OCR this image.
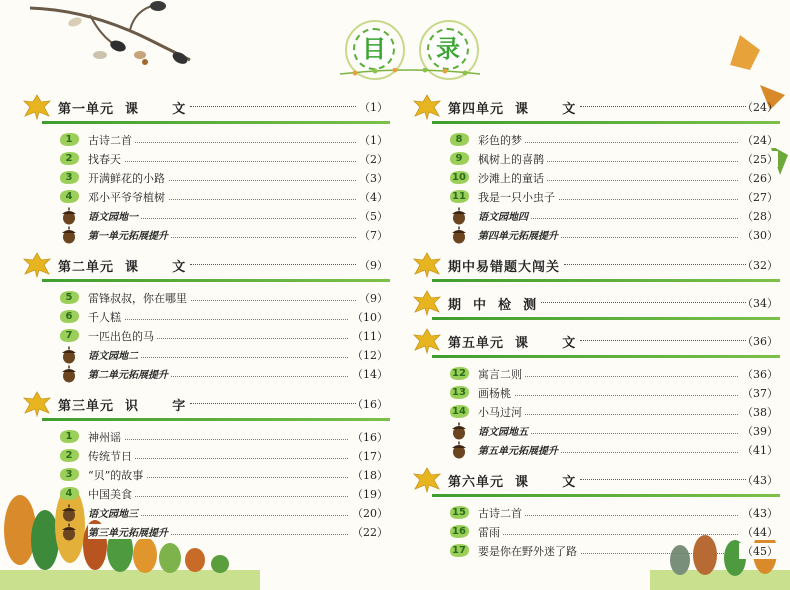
目	录
第一单元  课      文	（1）
1	古诗二首	（1）
2	找春天	（2）
3	开满鲜花的小路	（3）
4	邓小平爷爷植树	（4）
语文园地一	（5）
第一单元拓展提升	（7）
第二单元  课      文	（9）
5	雷锋叔叔，你在哪里	（9）
6	千人糕	（10）
7	一匹出色的马	（11）
语文园地二	（12）
第二单元拓展提升	（14）
第三单元  识      字	（16）
1	神州谣	（16）
2	传统节日	（17）
3	“贝”的故事	（18）
4	中国美食	（19）
语文园地三	（20）
第三单元拓展提升	（22）
第四单元  课      文	（24）
8	彩色的梦	（24）
9	枫树上的喜鹊	（25）
10	沙滩上的童话	（26）
11	我是一只小虫子	（27）
语文园地四	（28）
第四单元拓展提升	（30）
期中易错题大闯关	（32）
期  中  检  测	（34）
第五单元  课      文	（36）
12	寓言二则	（36）
13	画杨桃	（37）
14	小马过河	（38）
语文园地五	（39）
第五单元拓展提升	（41）
第六单元  课      文	（43）
15	古诗二首	（43）
16	雷雨	（44）
17	要是你在野外迷了路	（45）
